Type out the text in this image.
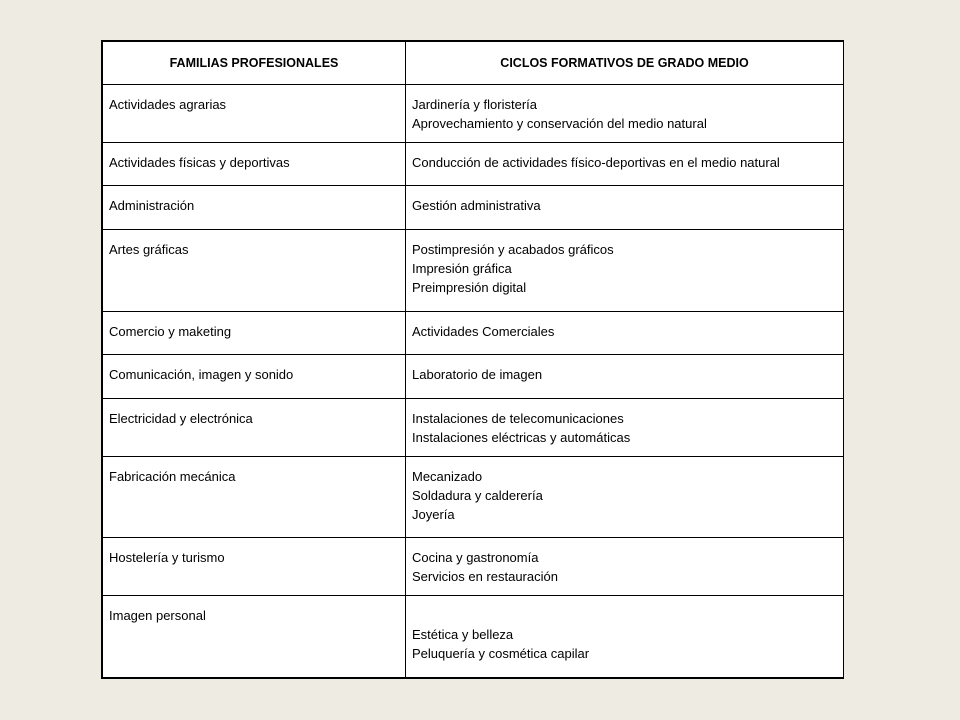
FAMILIAS PROFESIONALES	CICLOS FORMATIVOS DE GRADO MEDIO

Actividades agrarias	Jardinería y floristería
Aprovechamiento y conservación del medio natural

Actividades físicas y deportivas	Conducción de actividades físico-deportivas en el medio natural

Administración	Gestión administrativa

Artes gráficas	Postimpresión y acabados gráficos
Impresión gráfica
Preimpresión digital

Comercio y maketing	Actividades Comerciales

Comunicación, imagen y sonido	Laboratorio de imagen

Electricidad y electrónica	Instalaciones de telecomunicaciones
Instalaciones eléctricas y automáticas

Fabricación mecánica	Mecanizado
Soldadura y calderería
Joyería

Hostelería y turismo	Cocina y gastronomía
Servicios en restauración

Imagen personal	Estética y belleza
Peluquería y cosmética capilar
